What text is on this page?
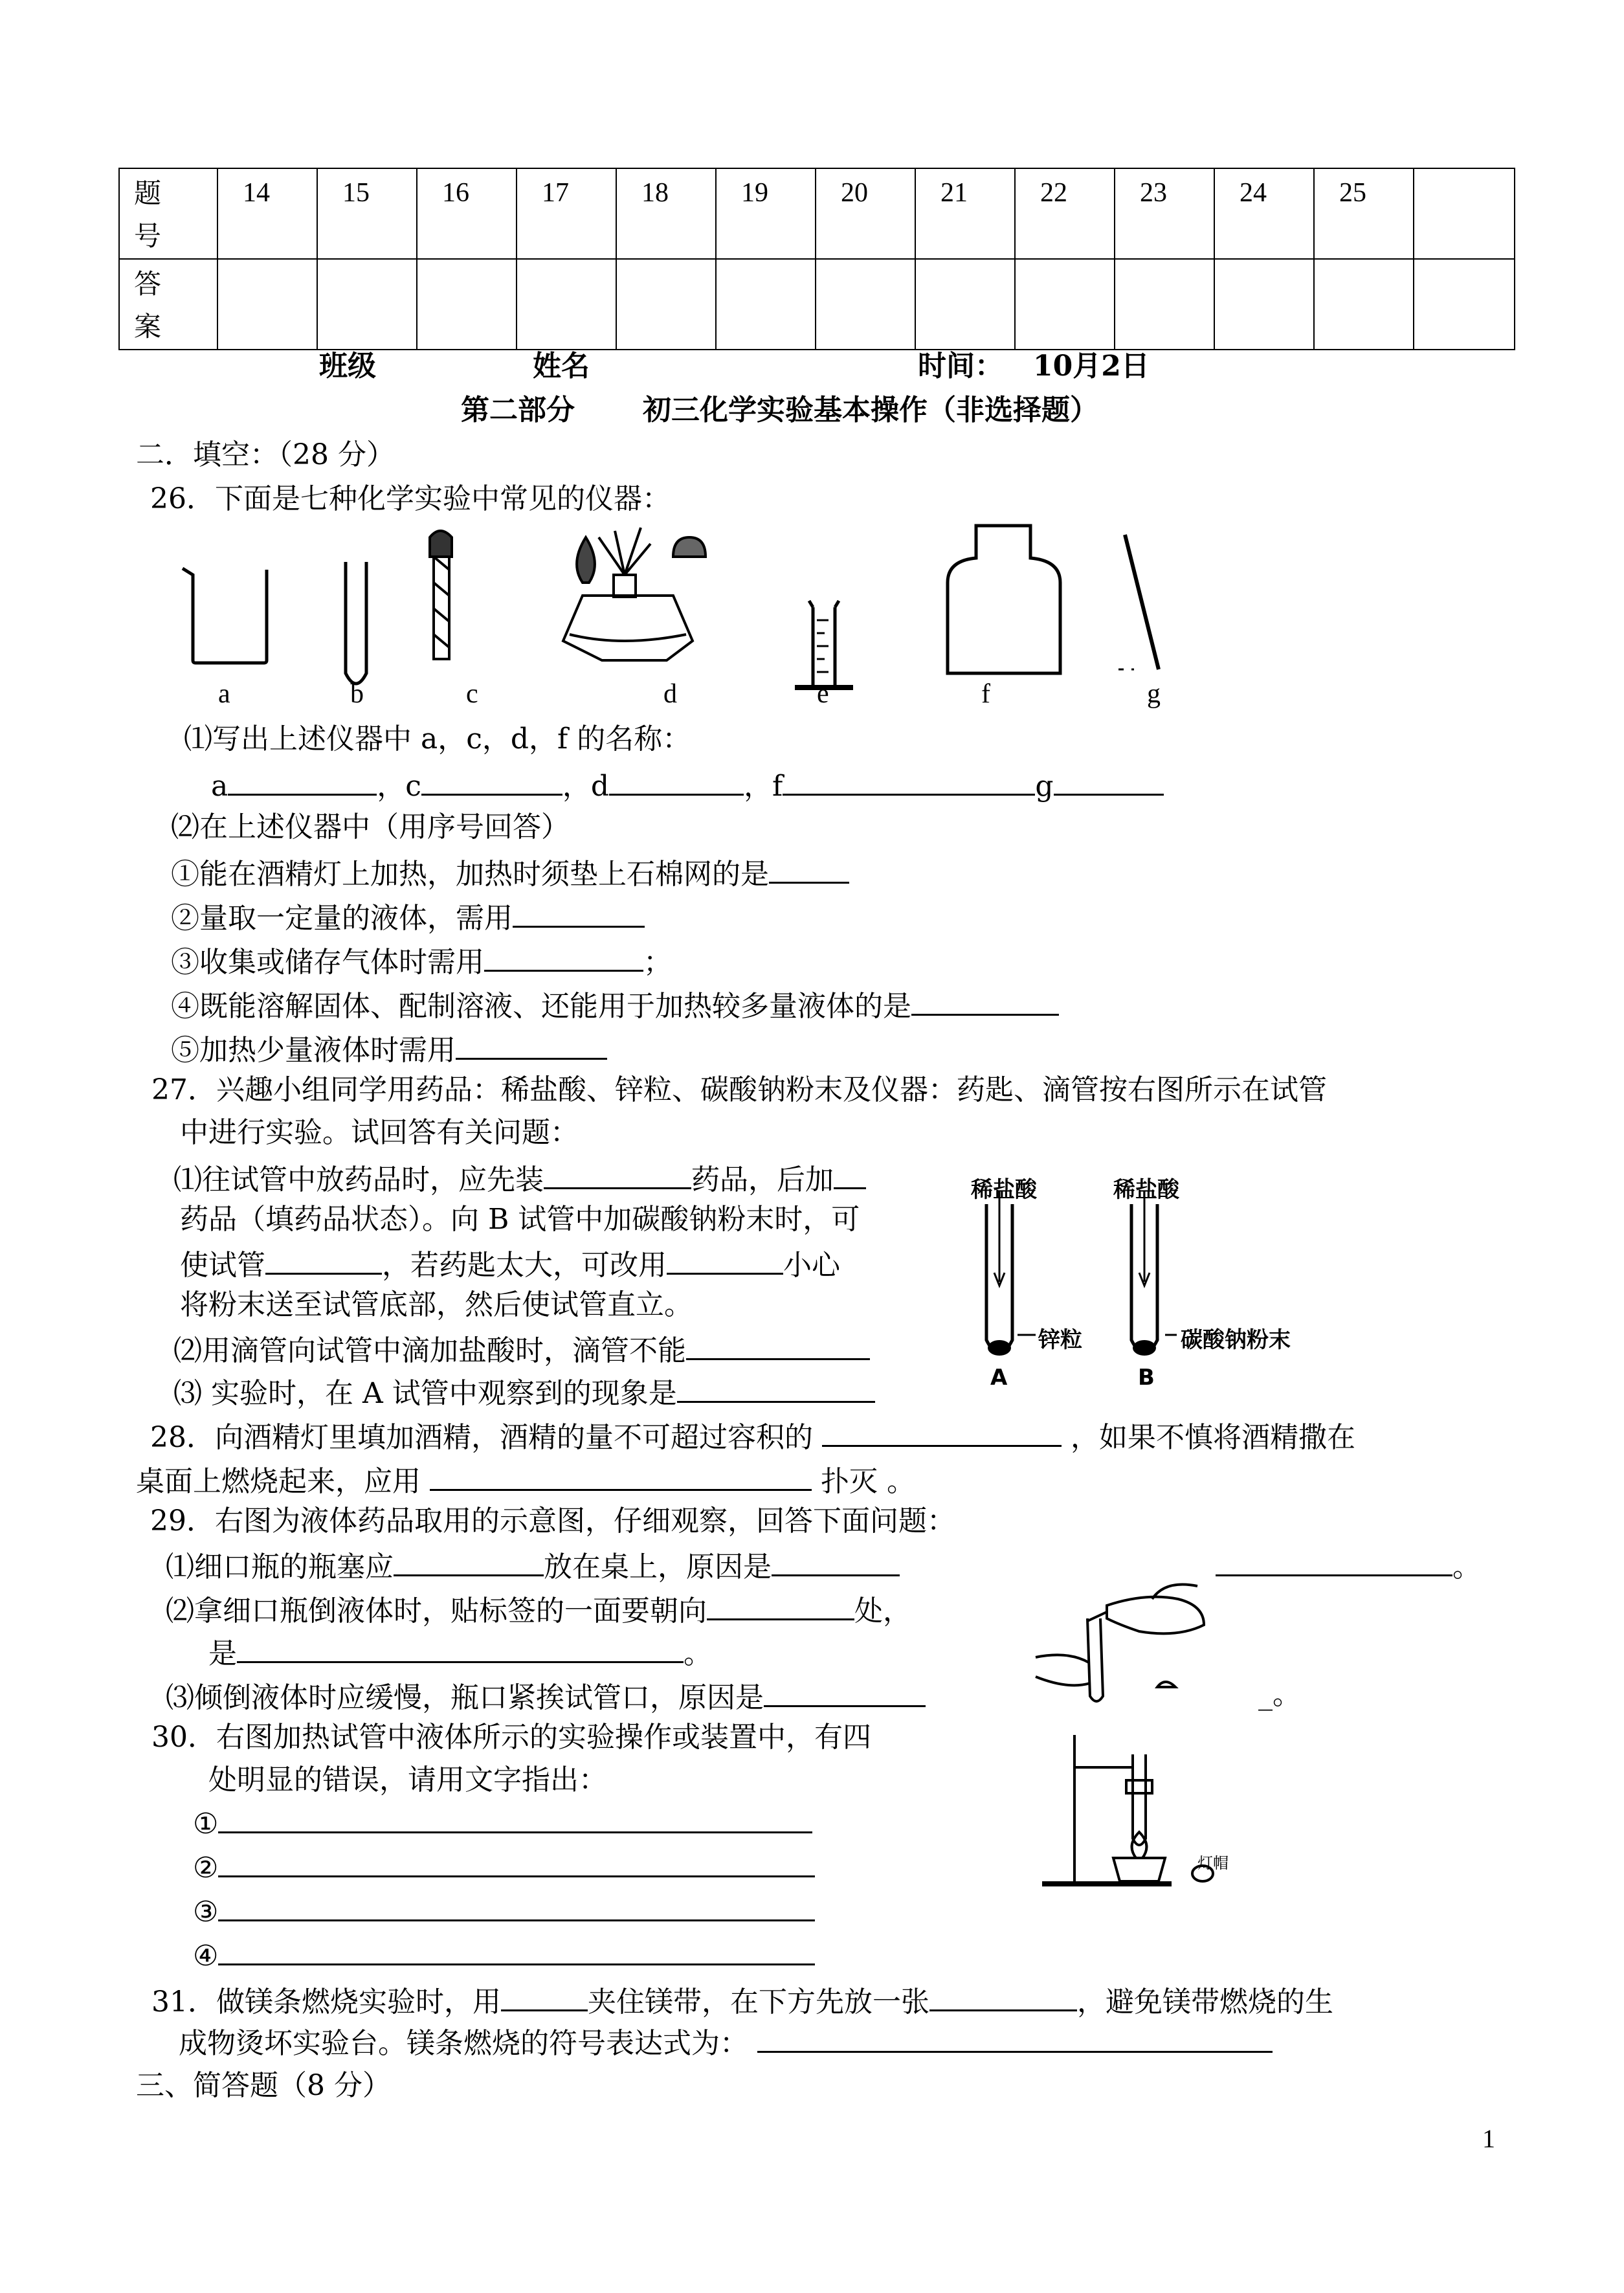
题号	14	15	16	17	18	19	20	21	22	23	24	25	

答案													

班级	姓名	时间： 10月2日
第二部分 初三化学实验基本操作（非选择题）
二．填空：（28 分）
26．下面是七种化学实验中常见的仪器：
a	b	c	d	e	f	g
⑴写出上述仪器中 a，c，d，f 的名称：
a	，c	，d	，f	g
⑵在上述仪器中（用序号回答）
①能在酒精灯上加热，加热时须垫上石棉网的是
②量取一定量的液体，需用
③收集或储存气体时需用	；
④既能溶解固体、配制溶液、还能用于加热较多量液体的是
⑤加热少量液体时需用
27．兴趣小组同学用药品：稀盐酸、锌粒、碳酸钠粉末及仪器：药匙、滴管按右图所示在试管
中进行实验。试回答有关问题：
⑴往试管中放药品时，应先装	药品，后加
药品（填药品状态）。向 B 试管中加碳酸钠粉末时，可
使试管	，若药匙太大，可改用	小心
将粉末送至试管底部，然后使试管直立。
⑵用滴管向试管中滴加盐酸时，滴管不能
⑶ 实验时，在 A 试管中观察到的现象是
稀盐酸	稀盐酸
锌粒	碳酸钠粉末
A	B
28．向酒精灯里填加酒精，酒精的量不可超过容积的	，如果不慎将酒精撒在
桌面上燃烧起来，应用	扑灭 。
29．右图为液体药品取用的示意图，仔细观察，回答下面问题：
⑴细口瓶的瓶塞应	放在桌上，原因是	。
⑵拿细口瓶倒液体时，贴标签的一面要朝向	处，
是	。
⑶倾倒液体时应缓慢，瓶口紧挨试管口，原因是	_。
30．右图加热试管中液体所示的实验操作或装置中，有四
处明显的错误，请用文字指出：
①
②
③
④
灯帽
31．做镁条燃烧实验时，用	夹住镁带，在下方先放一张	，避免镁带燃烧的生
成物烫坏实验台。镁条燃烧的符号表达式为：
三、简答题（8 分）
1
